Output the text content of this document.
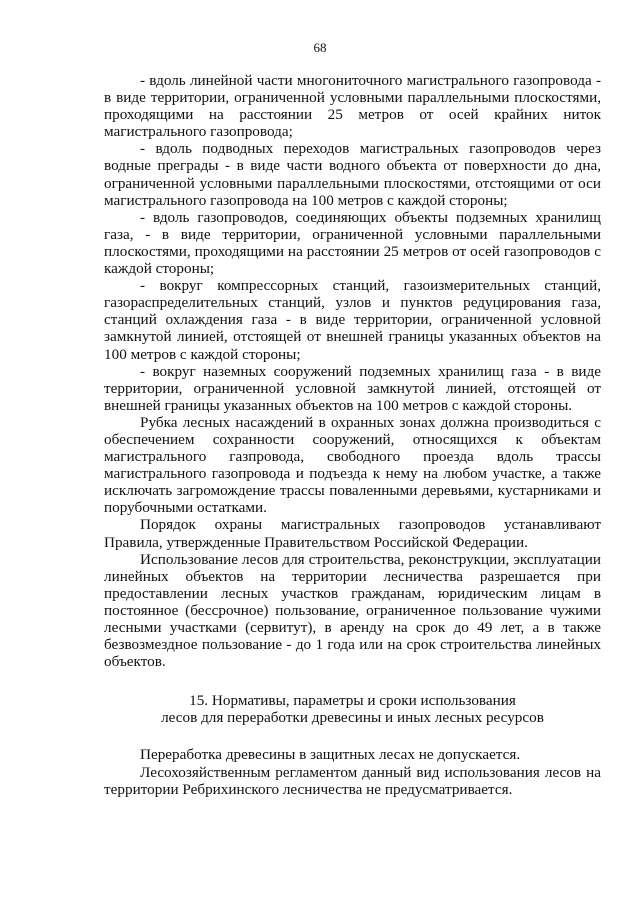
68

- вдоль линейной части многониточного магистрального газопровода - в виде территории, ограниченной условными параллельными плоскостями, проходящими на расстоянии 25 метров от осей крайних ниток магистрального газопровода;

- вдоль подводных переходов магистральных газопроводов через водные преграды - в виде части водного объекта от поверхности до дна, ограниченной условными параллельными плоскостями, отстоящими от оси магистрального газопровода на 100 метров с каждой стороны;

- вдоль газопроводов, соединяющих объекты подземных хранилищ газа, - в виде территории, ограниченной условными параллельными плоскостями, проходящими на расстоянии 25 метров от осей газопроводов с каждой стороны;

- вокруг компрессорных станций, газоизмерительных станций, газораспределительных станций, узлов и пунктов редуцирования газа, станций охлаждения газа - в виде территории, ограниченной условной замкнутой линией, отстоящей от внешней границы указанных объектов на 100 метров с каждой стороны;

- вокруг наземных сооружений подземных хранилищ газа - в виде территории, ограниченной условной замкнутой линией, отстоящей от внешней границы указанных объектов на 100 метров с каждой стороны.

Рубка лесных насаждений в охранных зонах должна производиться с обеспечением сохранности сооружений, относящихся к объектам магистрального газпровода, свободного проезда вдоль трассы магистрального газопровода и подъезда к нему на любом участке, а также исключать загромождение трассы поваленными деревьями, кустарниками и порубочными остатками.

Порядок охраны магистральных газопроводов устанавливают Правила, утвержденные Правительством Российской Федерации.

Использование лесов для строительства, реконструкции, эксплуатации линейных объектов на территории лесничества разрешается при предоставлении лесных участков гражданам, юридическим лицам в постоянное (бессрочное) пользование, ограниченное пользование чужими лесными участками (сервитут), в аренду на срок до 49 лет, а в также безвозмездное пользование - до 1 года или на срок строительства линейных объектов.

15. Нормативы, параметры и сроки использования
лесов для переработки древесины и иных лесных ресурсов

Переработка древесины в защитных лесах не допускается.

Лесохозяйственным регламентом данный вид использования лесов на территории Ребрихинского лесничества не предусматривается.
